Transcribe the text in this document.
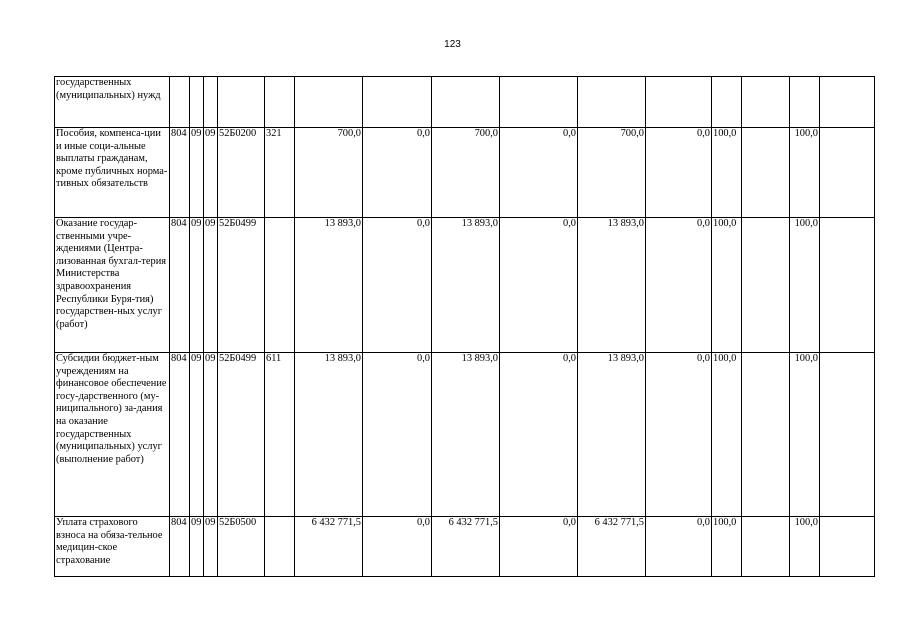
123
государственных (муниципальных) нужд															
Пособия, компенса-ции и иные соци-альные выплаты гражданам, кроме публичных норма-тивных обязательств	804	09	09	52Б0200	321	700,0	0,0	700,0	0,0	700,0	0,0	100,0		100,0	
Оказание государ-ственными учре-ждениями (Центра-лизованная бухгал-терия Министерства здравоохранения Республики Буря-тия) государствен-ных услуг (работ)	804	09	09	52Б0499		13 893,0	0,0	13 893,0	0,0	13 893,0	0,0	100,0		100,0	
Субсидии бюджет-ным учреждениям на финансовое обеспечение госу-дарственного (му-ниципального) за-дания на оказание государственных (муниципальных) услуг (выполнение работ)	804	09	09	52Б0499	611	13 893,0	0,0	13 893,0	0,0	13 893,0	0,0	100,0		100,0	
Уплата страхового взноса на обяза-тельное медицин-ское страхование	804	09	09	52Б0500		6 432 771,5	0,0	6 432 771,5	0,0	6 432 771,5	0,0	100,0		100,0	
